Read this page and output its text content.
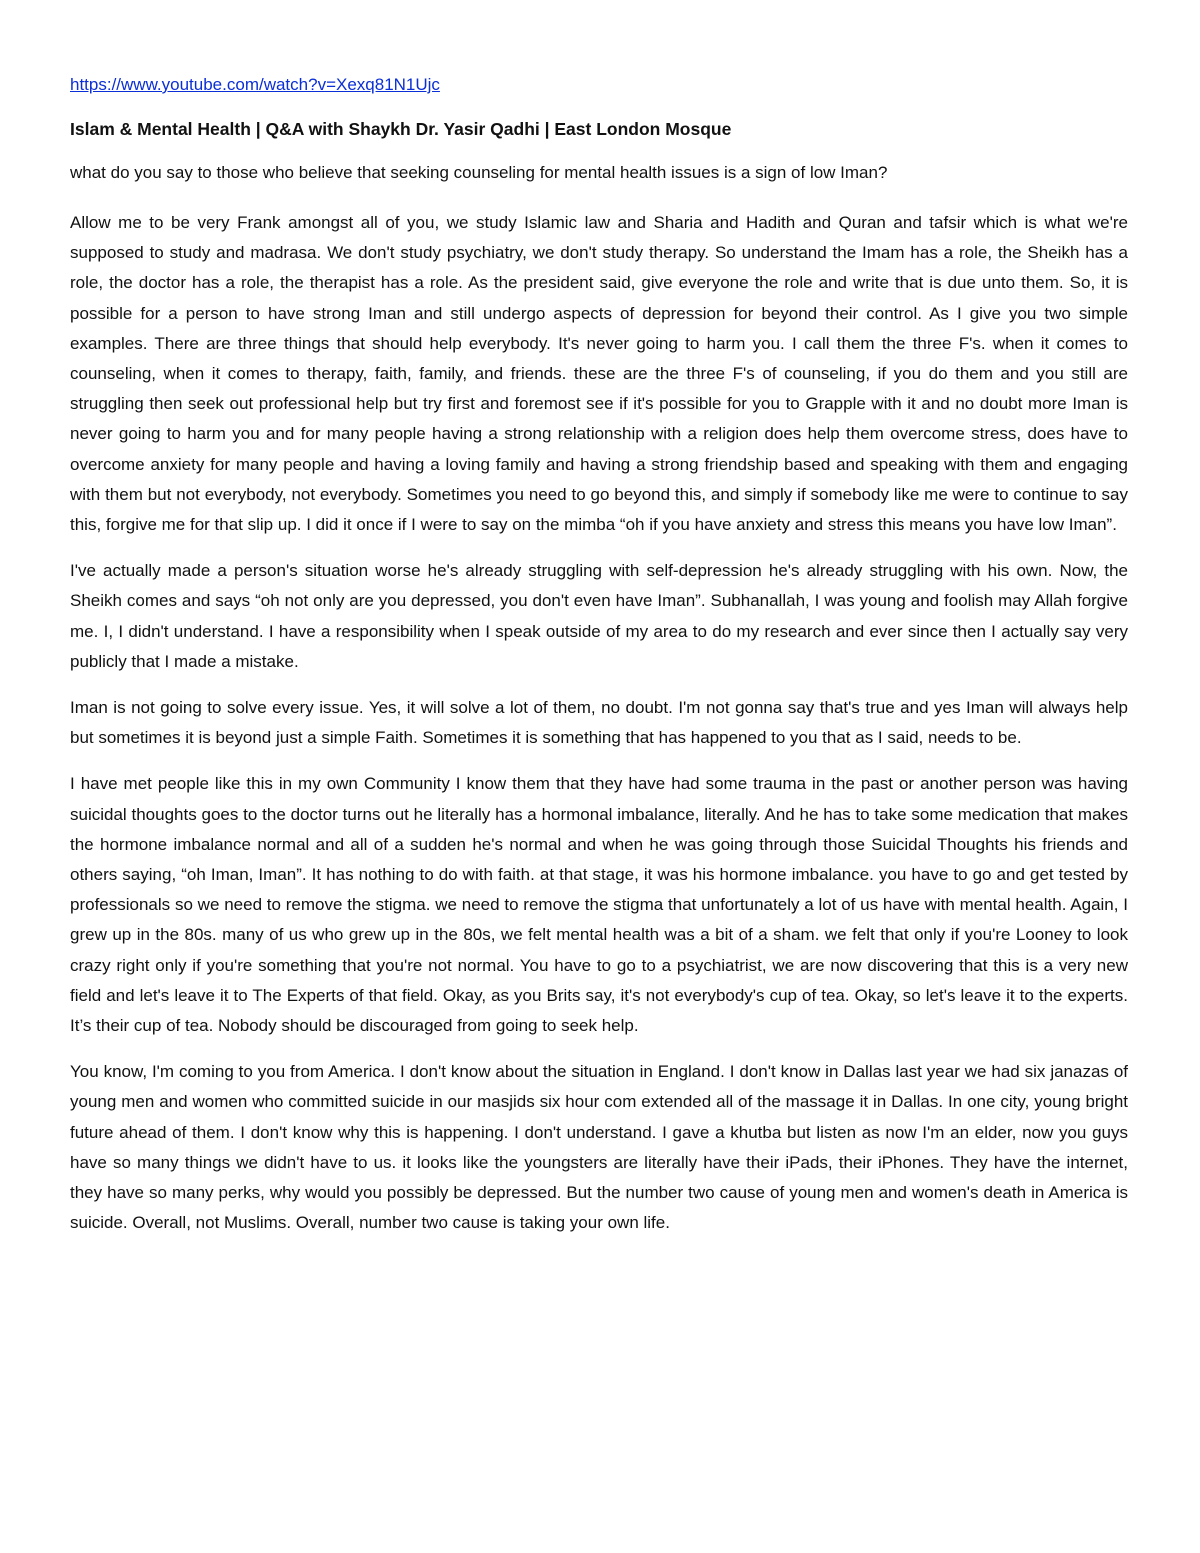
https://www.youtube.com/watch?v=Xexq81N1Ujc
Islam & Mental Health | Q&A with Shaykh Dr. Yasir Qadhi | East London Mosque
what do you say to those who believe that seeking counseling for mental health issues is a sign of low Iman?

Allow me to be very Frank amongst all of you, we study Islamic law and Sharia and Hadith and Quran and tafsir which is what we're supposed to study and madrasa. We don't study psychiatry, we don't study therapy. So understand the Imam has a role, the Sheikh has a role, the doctor has a role, the therapist has a role. As the president said, give everyone the role and write that is due unto them. So, it is possible for a person to have strong Iman and still undergo aspects of depression for beyond their control. As I give you two simple examples. There are three things that should help everybody. It's never going to harm you. I call them the three F's. when it comes to counseling, when it comes to therapy, faith, family, and friends. these are the three F's of counseling, if you do them and you still are struggling then seek out professional help but try first and foremost see if it's possible for you to Grapple with it and no doubt more Iman is never going to harm you and for many people having a strong relationship with a religion does help them overcome stress, does have to overcome anxiety for many people and having a loving family and having a strong friendship based and speaking with them and engaging with them but not everybody, not everybody. Sometimes you need to go beyond this, and simply if somebody like me were to continue to say this, forgive me for that slip up. I did it once if I were to say on the mimba “oh if you have anxiety and stress this means you have low Iman”.

I've actually made a person's situation worse he's already struggling with self-depression he's already struggling with his own. Now, the Sheikh comes and says “oh not only are you depressed, you don't even have Iman”. Subhanallah, I was young and foolish may Allah forgive me. I, I didn't understand. I have a responsibility when I speak outside of my area to do my research and ever since then I actually say very publicly that I made a mistake.

Iman is not going to solve every issue. Yes, it will solve a lot of them, no doubt. I'm not gonna say that's true and yes Iman will always help but sometimes it is beyond just a simple Faith. Sometimes it is something that has happened to you that as I said, needs to be.

I have met people like this in my own Community I know them that they have had some trauma in the past or another person was having suicidal thoughts goes to the doctor turns out he literally has a hormonal imbalance, literally. And he has to take some medication that makes the hormone imbalance normal and all of a sudden he's normal and when he was going through those Suicidal Thoughts his friends and others saying, “oh Iman, Iman”. It has nothing to do with faith. at that stage, it was his hormone imbalance. you have to go and get tested by professionals so we need to remove the stigma. we need to remove the stigma that unfortunately a lot of us have with mental health. Again, I grew up in the 80s. many of us who grew up in the 80s, we felt mental health was a bit of a sham. we felt that only if you're Looney to look crazy right only if you're something that you're not normal. You have to go to a psychiatrist, we are now discovering that this is a very new field and let's leave it to The Experts of that field. Okay, as you Brits say, it's not everybody's cup of tea. Okay, so let's leave it to the experts. It’s their cup of tea. Nobody should be discouraged from going to seek help.

You know, I'm coming to you from America. I don't know about the situation in England. I don't know in Dallas last year we had six janazas of young men and women who committed suicide in our masjids six hour com extended all of the massage it in Dallas. In one city, young bright future ahead of them. I don't know why this is happening. I don't understand. I gave a khutba but listen as now I'm an elder, now you guys have so many things we didn't have to us. it looks like the youngsters are literally have their iPads, their iPhones. They have the internet, they have so many perks, why would you possibly be depressed. But the number two cause of young men and women's death in America is suicide. Overall, not Muslims. Overall, number two cause is taking your own life.
